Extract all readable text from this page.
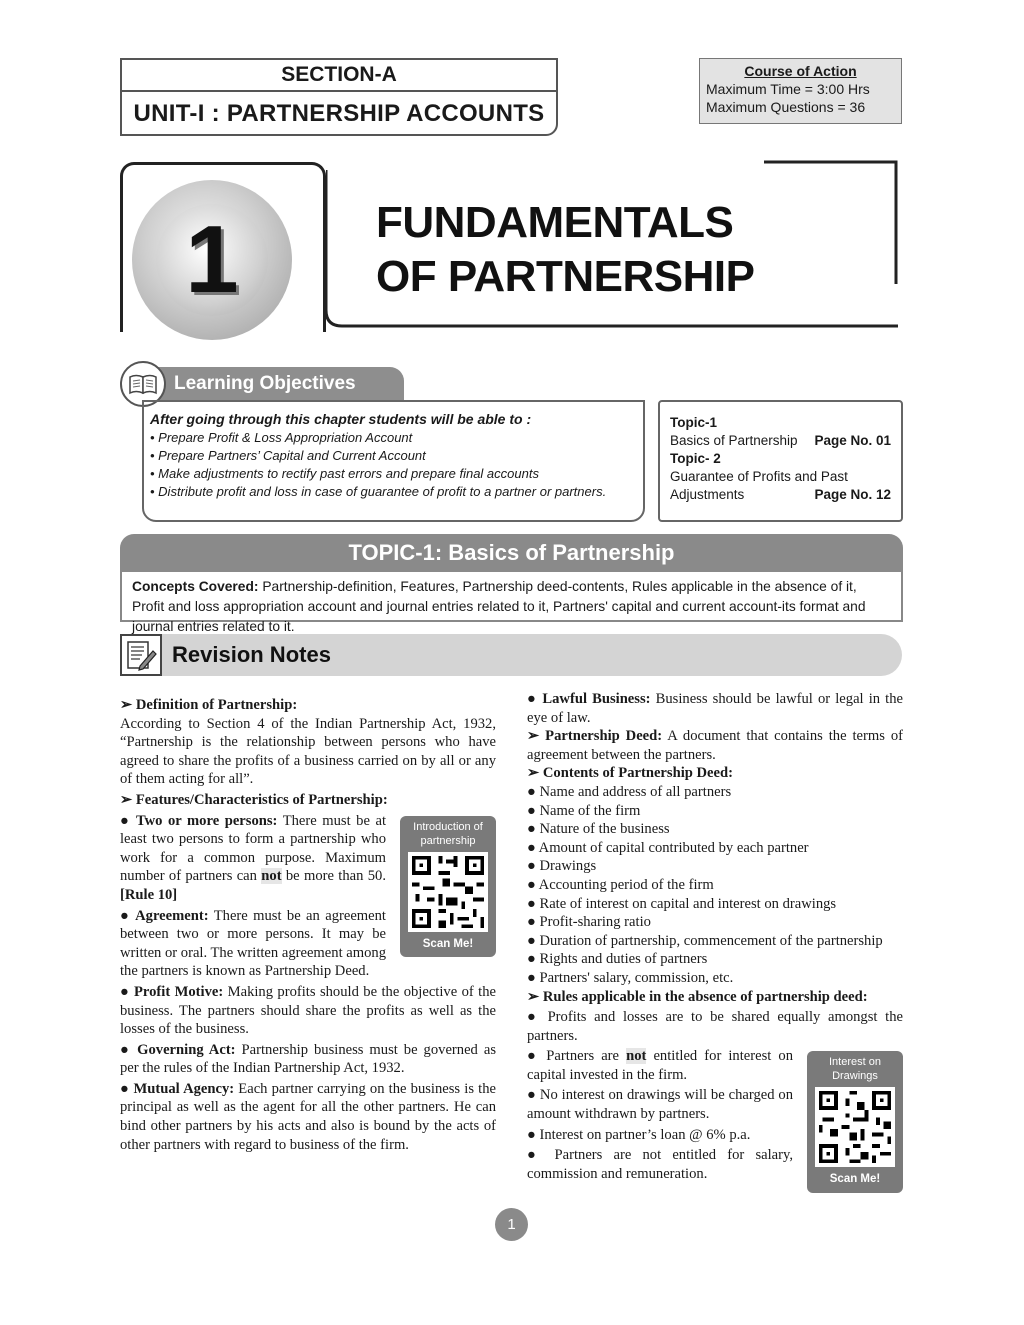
SECTION-A
UNIT-I : PARTNERSHIP ACCOUNTS
Course of Action
Maximum Time = 3:00 Hrs
Maximum Questions = 36
1	FUNDAMENTALS
OF PARTNERSHIP
Learning Objectives
After going through this chapter students will be able to :
• Prepare Profit & Loss Appropriation Account
• Prepare Partners’ Capital and Current Account
• Make adjustments to rectify past errors and prepare final accounts
• Distribute profit and loss in case of guarantee of profit to a partner or partners.
Topic-1
Basics of Partnership Page No. 01
Topic- 2
Guarantee of Profits and Past
Adjustments	Page No. 12
TOPIC-1: Basics of Partnership
Concepts Covered: Partnership-definition, Features, Partnership deed-contents, Rules applicable in the absence of it, Profit and loss appropriation account and journal entries related to it, Partners' capital and current account-its format and journal entries related to it.
Revision Notes

➢ Definition of Partnership:

According to Section 4 of the Indian Partnership Act, 1932, “Partnership is the relationship between persons who have agreed to share the profits of a business carried on by all or any of them acting for all”.

➢ Features/Characteristics of Partnership:

Introduction of partnership
Scan Me!

● Two or more persons: There must be at least two persons to form a partnership who work for a common purpose. Maximum number of partners can not be more than 50. [Rule 10]

● Agreement: There must be an agreement between two or more persons. It may be written or oral. The written agreement among the partners is known as Partnership Deed.

● Profit Motive: Making profits should be the objective of the business. The partners should share the profits as well as the losses of the business.

● Governing Act: Partnership business must be governed as per the rules of the Indian Partnership Act, 1932.

● Mutual Agency: Each partner carrying on the business is the principal as well as the agent for all the other partners. He can bind other partners by his acts and also is bound by the acts of other partners with regard to business of the firm.

● Lawful Business: Business should be lawful or legal in the eye of law.

➢ Partnership Deed: A document that contains the terms of agreement between the partners.

➢ Contents of Partnership Deed:

● Name and address of all partners

● Name of the firm

● Nature of the business

● Amount of capital contributed by each partner

● Drawings

● Accounting period of the firm

● Rate of interest on capital and interest on drawings

● Profit-sharing ratio

● Duration of partnership, commencement of the partnership

● Rights and duties of partners

● Partners' salary, commission, etc.

➢ Rules applicable in the absence of partnership deed:

● Profits and losses are to be shared equally amongst the partners.

Interest on Drawings
Scan Me!

● Partners are not entitled for interest on capital invested in the firm.

● No interest on drawings will be charged on amount withdrawn by partners.

● Interest on partner’s loan @ 6% p.a.

● Partners are not entitled for salary, commission and remuneration.

1
